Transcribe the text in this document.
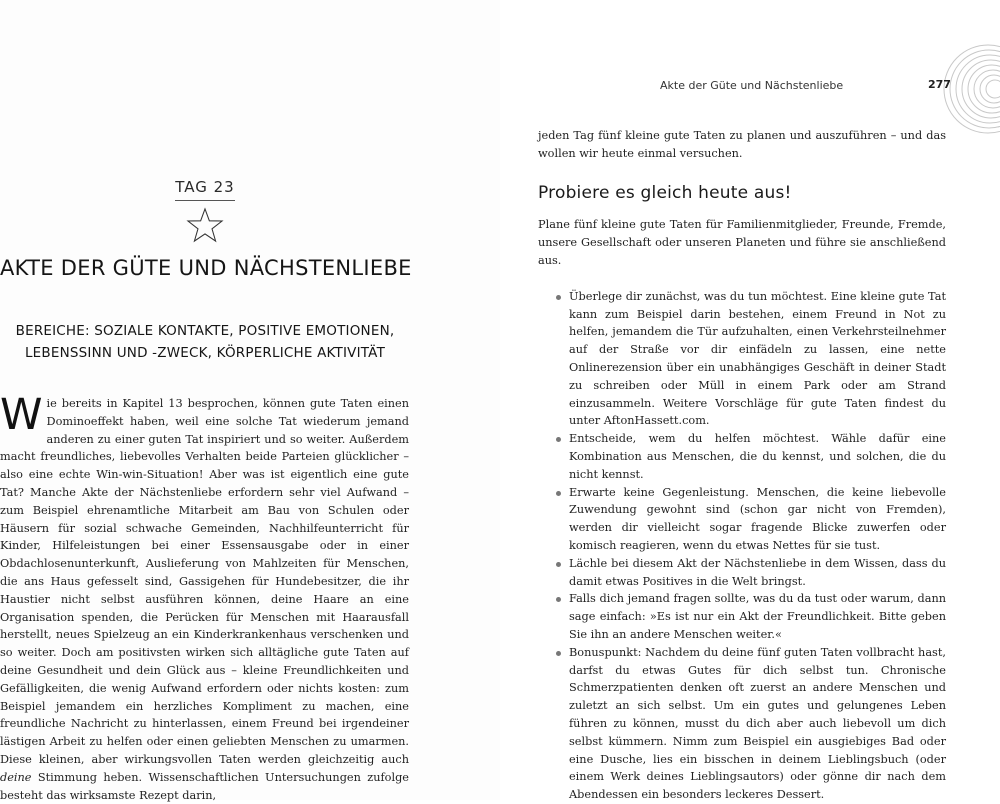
TAG 23
AKTE DER GÜTE UND NÄCHSTENLIEBE
BEREICHE: SOZIALE KONTAKTE, POSITIVE EMOTIONEN,
LEBENSSINN UND -ZWECK, KÖRPERLICHE AKTIVITÄT
W ie bereits in Kapitel 13 besprochen, können gute Taten einen Dominoeffekt haben, weil eine solche Tat wiederum jemand anderen zu einer guten Tat inspiriert und so weiter. Außerdem macht freundliches, liebevolles Verhalten beide Parteien glücklicher – also eine echte Win-win-Situation! Aber was ist eigentlich eine gute Tat? Manche Akte der Nächstenliebe erfordern sehr viel Aufwand – zum Beispiel ehrenamtliche Mitarbeit am Bau von Schulen oder Häusern für sozial schwache Gemeinden, Nachhilfeunterricht für Kinder, Hilfeleistungen bei einer Essensausgabe oder in einer Obdachlosenunterkunft, Auslieferung von Mahlzeiten für Menschen, die ans Haus gefesselt sind, Gassigehen für Hundebesitzer, die ihr Haustier nicht selbst ausführen können, deine Haare an eine Organisation spenden, die Perücken für Menschen mit Haarausfall herstellt, neues Spielzeug an ein Kinderkrankenhaus verschenken und so weiter. Doch am positivsten wirken sich alltägliche gute Taten auf deine Gesundheit und dein Glück aus – kleine Freundlichkeiten und Gefälligkeiten, die wenig Aufwand erfordern oder nichts kosten: zum Beispiel jemandem ein herzliches Kompliment zu machen, eine freundliche Nachricht zu hinterlassen, einem Freund bei irgendeiner lästigen Arbeit zu helfen oder einen geliebten Menschen zu umarmen. Diese kleinen, aber wirkungsvollen Taten werden gleichzeitig auch deine Stimmung heben. Wissenschaftlichen Untersuchungen zufolge besteht das wirksamste Rezept darin,

Akte der Güte und Nächstenliebe	277

jeden Tag fünf kleine gute Taten zu planen und auszuführen – und das wollen wir heute einmal versuchen.

Probiere es gleich heute aus!

Plane fünf kleine gute Taten für Familienmitglieder, Freunde, Fremde, unsere Gesellschaft oder unseren Planeten und führe sie anschließend aus.

Überlege dir zunächst, was du tun möchtest. Eine kleine gute Tat kann zum Beispiel darin bestehen, einem Freund in Not zu helfen, jemandem die Tür aufzuhalten, einen Verkehrsteilnehmer auf der Straße vor dir einfädeln zu lassen, eine nette Onlinerezension über ein unabhängiges Geschäft in deiner Stadt zu schreiben oder Müll in einem Park oder am Strand einzusammeln. Weitere Vorschläge für gute Taten findest du unter AftonHassett.com.
Entscheide, wem du helfen möchtest. Wähle dafür eine Kombination aus Menschen, die du kennst, und solchen, die du nicht kennst.
Erwarte keine Gegenleistung. Menschen, die keine liebevolle Zuwendung gewohnt sind (schon gar nicht von Fremden), werden dir vielleicht sogar fragende Blicke zuwerfen oder komisch reagieren, wenn du etwas Nettes für sie tust.
Lächle bei diesem Akt der Nächstenliebe in dem Wissen, dass du damit etwas Positives in die Welt bringst.
Falls dich jemand fragen sollte, was du da tust oder warum, dann sage einfach: »Es ist nur ein Akt der Freundlichkeit. Bitte geben Sie ihn an andere Menschen weiter.«
Bonuspunkt: Nachdem du deine fünf guten Taten vollbracht hast, darfst du etwas Gutes für dich selbst tun. Chronische Schmerzpatienten denken oft zuerst an andere Menschen und zuletzt an sich selbst. Um ein gutes und gelungenes Leben führen zu können, musst du dich aber auch liebevoll um dich selbst kümmern. Nimm zum Beispiel ein ausgiebiges Bad oder eine Dusche, lies ein bisschen in deinem Lieblingsbuch (oder einem Werk deines Lieblingsautors) oder gönne dir nach dem Abendessen ein besonders leckeres Dessert.
